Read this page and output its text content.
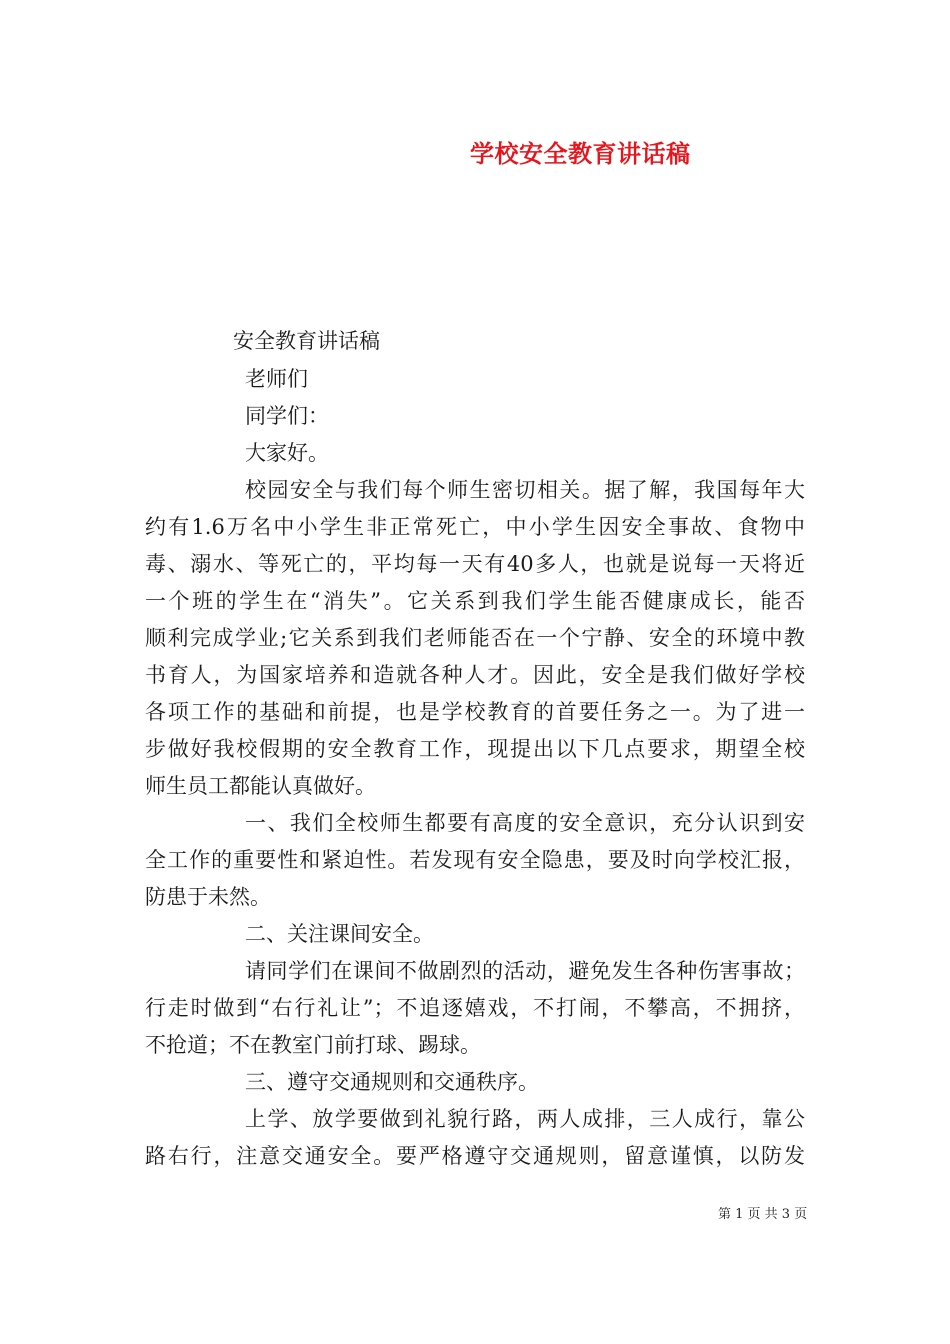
学校安全教育讲话稿
安全教育讲话稿
老师们
同学们：
大家好。
校园安全与我们每个师生密切相关。据了解，我国每年大
约有1.6万名中小学生非正常死亡，中小学生因安全事故、食物中
毒、溺水、等死亡的，平均每一天有40多人，也就是说每一天将近
一个班的学生在“消失”。它关系到我们学生能否健康成长，能否
顺利完成学业;它关系到我们老师能否在一个宁静、安全的环境中教
书育人，为国家培养和造就各种人才。因此，安全是我们做好学校
各项工作的基础和前提，也是学校教育的首要任务之一。为了进一
步做好我校假期的安全教育工作，现提出以下几点要求，期望全校
师生员工都能认真做好。
一、我们全校师生都要有高度的安全意识，充分认识到安
全工作的重要性和紧迫性。若发现有安全隐患，要及时向学校汇报，
防患于未然。
二、关注课间安全。
请同学们在课间不做剧烈的活动，避免发生各种伤害事故；
行走时做到“右行礼让”；不追逐嬉戏，不打闹，不攀高，不拥挤，
不抢道；不在教室门前打球、踢球。
三、遵守交通规则和交通秩序。
上学、放学要做到礼貌行路，两人成排，三人成行，靠公
路右行，注意交通安全。要严格遵守交通规则，留意谨慎，以防发
第 1 页 共 3 页
